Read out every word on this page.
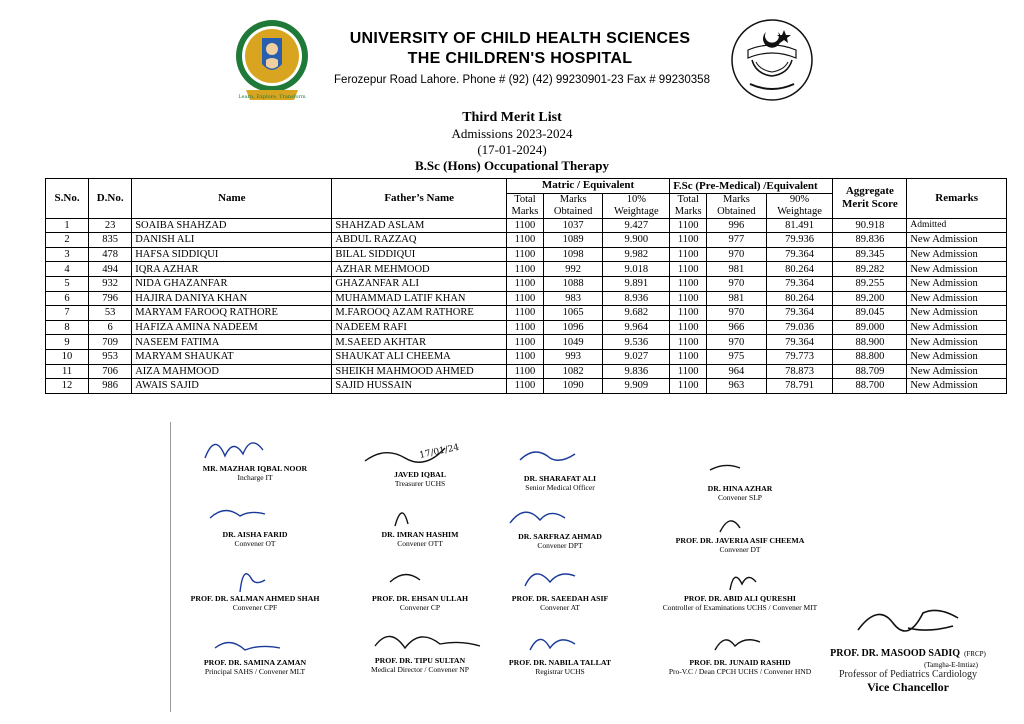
Learn, Explore, Transform
UNIVERSITY OF CHILD HEALTH SCIENCES
THE CHILDREN'S HOSPITAL
Ferozepur Road Lahore. Phone # (92) (42) 99230901-23 Fax # 99230358
Third Merit List
Admissions 2023-2024
(17-01-2024)
B.Sc (Hons) Occupational Therapy
S.No.	D.No.	Name	Father’s Name	Matric / Equivalent			F.Sc (Pre-Medical) /Equivalent			Aggregate Merit Score	Remarks
				Total Marks	Marks Obtained	10% Weightage	Total Marks	Marks Obtained	90% Weightage		
1	23	SOAIBA SHAHZAD	SHAHZAD ASLAM	1100	1037	9.427	1100	996	81.491	90.918	Admitted
2	835	DANISH ALI	ABDUL RAZZAQ	1100	1089	9.900	1100	977	79.936	89.836	New Admission
3	478	HAFSA SIDDIQUI	BILAL SIDDIQUI	1100	1098	9.982	1100	970	79.364	89.345	New Admission
4	494	IQRA AZHAR	AZHAR MEHMOOD	1100	992	9.018	1100	981	80.264	89.282	New Admission
5	932	NIDA GHAZANFAR	GHAZANFAR ALI	1100	1088	9.891	1100	970	79.364	89.255	New Admission
6	796	HAJIRA DANIYA KHAN	MUHAMMAD LATIF KHAN	1100	983	8.936	1100	981	80.264	89.200	New Admission
7	53	MARYAM FAROOQ RATHORE	M.FAROOQ AZAM RATHORE	1100	1065	9.682	1100	970	79.364	89.045	New Admission
8	6	HAFIZA AMINA NADEEM	NADEEM RAFI	1100	1096	9.964	1100	966	79.036	89.000	New Admission
9	709	NASEEM FATIMA	M.SAEED AKHTAR	1100	1049	9.536	1100	970	79.364	88.900	New Admission
10	953	MARYAM SHAUKAT	SHAUKAT ALI CHEEMA	1100	993	9.027	1100	975	79.773	88.800	New Admission
11	706	AIZA MAHMOOD	SHEIKH MAHMOOD AHMED	1100	1082	9.836	1100	964	78.873	88.709	New Admission
12	986	AWAIS SAJID	SAJID HUSSAIN	1100	1090	9.909	1100	963	78.791	88.700	New Admission
MR. MAZHAR IQBAL NOOR
Incharge IT
17/01/24
JAVED IQBAL
Treasurer UCHS
DR. SHARAFAT ALI
Senior Medical Officer	DR. HINA AZHAR
Convener SLP
DR. AISHA FARID
Convener OT
DR. IMRAN HASHIM
Convener OTT
DR. SARFRAZ AHMAD
Convener DPT
PROF. DR. JAVERIA ASIF CHEEMA
Convener DT
PROF. DR. SALMAN AHMED SHAH
Convener CPF
PROF. DR. EHSAN ULLAH
Convener CP
PROF. DR. SAEEDAH ASIF
Convener AT
PROF. DR. ABID ALI QURESHI
Controller of Examinations UCHS / Convener MIT
PROF. DR. SAMINA ZAMAN
Principal SAHS / Convener MLT
PROF. DR. TIPU SULTAN
Medical Director / Convener NP
PROF. DR. NABILA TALLAT
Registrar UCHS
PROF. DR. JUNAID RASHID
Pro-V.C / Dean CPCH UCHS / Convener HND
PROF. DR. MASOOD SADIQ (FRCP)
(Tamgha-E-Imtiaz)
Professor of Pediatrics Cardiology
Vice Chancellor
